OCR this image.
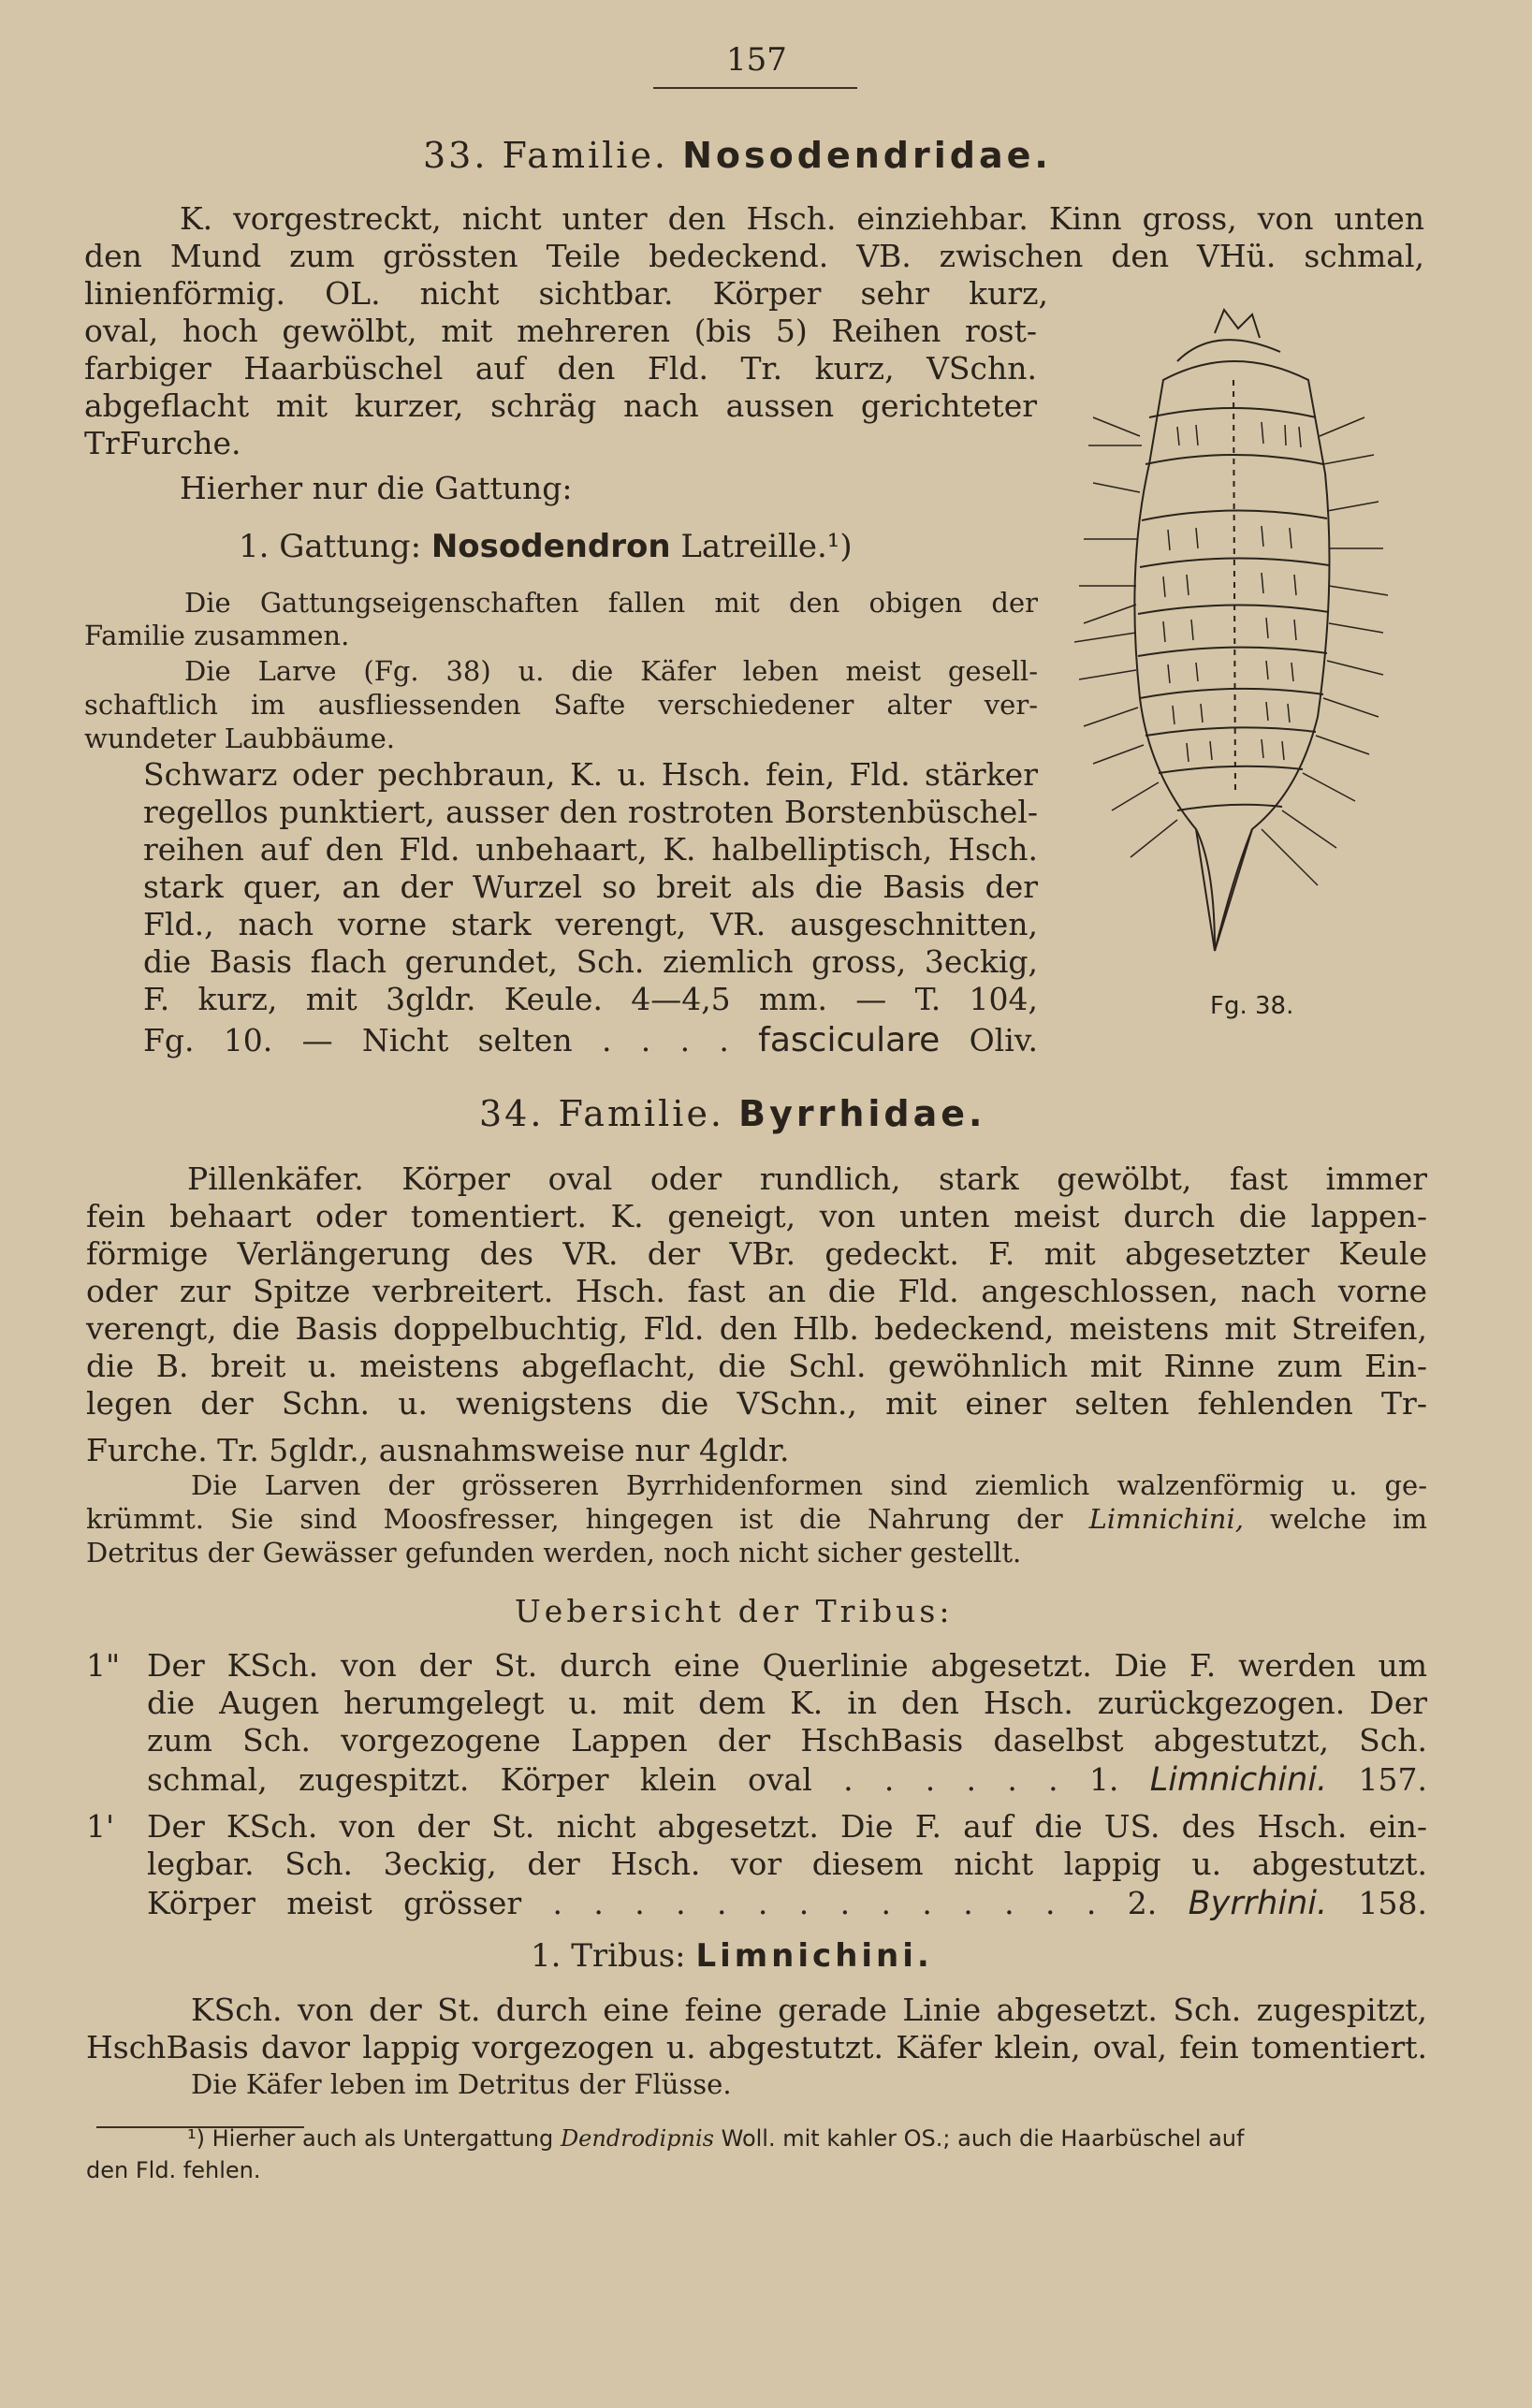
157
33. Familie. Nosodendridae.
K. vorgestreckt, nicht unter den Hsch. einziehbar. Kinn gross, von unten
den Mund zum grössten Teile bedeckend. VB. zwischen den VHü. schmal,
linienförmig. OL. nicht sichtbar. Körper sehr kurz,
oval, hoch gewölbt, mit mehreren (bis 5) Reihen rost-
farbiger Haarbüschel auf den Fld. Tr. kurz, VSchn.
abgeflacht mit kurzer, schräg nach aussen gerichteter
TrFurche.
Hierher nur die Gattung:
1. Gattung: Nosodendron Latreille.¹)
Die Gattungseigenschaften fallen mit den obigen der
Familie zusammen.
Die Larve (Fg. 38) u. die Käfer leben meist gesell-
schaftlich im ausfliessenden Safte verschiedener alter ver-
wundeter Laubbäume.
Schwarz oder pechbraun, K. u. Hsch. fein, Fld. stärker
regellos punktiert, ausser den rostroten Borstenbüschel-
reihen auf den Fld. unbehaart, K. halbelliptisch, Hsch.
stark quer, an der Wurzel so breit als die Basis der
Fld., nach vorne stark verengt, VR. ausgeschnitten,
die Basis flach gerundet, Sch. ziemlich gross, 3eckig,
F. kurz, mit 3gldr. Keule. 4—4,5 mm. — T. 104,
Fg. 10. — Nicht selten . . . . fasciculare Oliv.
Fg. 38.
34. Familie. Byrrhidae.
Pillenkäfer. Körper oval oder rundlich, stark gewölbt, fast immer
fein behaart oder tomentiert. K. geneigt, von unten meist durch die lappen-
förmige Verlängerung des VR. der VBr. gedeckt. F. mit abgesetzter Keule
oder zur Spitze verbreitert. Hsch. fast an die Fld. angeschlossen, nach vorne
verengt, die Basis doppelbuchtig, Fld. den Hlb. bedeckend, meistens mit Streifen,
die B. breit u. meistens abgeflacht, die Schl. gewöhnlich mit Rinne zum Ein-
legen der Schn. u. wenigstens die VSchn., mit einer selten fehlenden Tr-
Furche. Tr. 5gldr., ausnahmsweise nur 4gldr.
Die Larven der grösseren Byrrhidenformen sind ziemlich walzenförmig u. ge-
krümmt. Sie sind Moosfresser, hingegen ist die Nahrung der Limnichini, welche im
Detritus der Gewässer gefunden werden, noch nicht sicher gestellt.
Uebersicht der Tribus:
1" Der KSch. von der St. durch eine Querlinie abgesetzt. Die F. werden um
die Augen herumgelegt u. mit dem K. in den Hsch. zurückgezogen. Der
zum Sch. vorgezogene Lappen der HschBasis daselbst abgestutzt, Sch.
schmal, zugespitzt. Körper klein oval . . . . . . 1. Limnichini. 157.
1' Der KSch. von der St. nicht abgesetzt. Die F. auf die US. des Hsch. ein-
legbar. Sch. 3eckig, der Hsch. vor diesem nicht lappig u. abgestutzt.
Körper meist grösser . . . . . . . . . . . . . . 2. Byrrhini. 158.
1. Tribus: Limnichini.
KSch. von der St. durch eine feine gerade Linie abgesetzt. Sch. zugespitzt,
HschBasis davor lappig vorgezogen u. abgestutzt. Käfer klein, oval, fein tomentiert.
Die Käfer leben im Detritus der Flüsse.
¹) Hierher auch als Untergattung Dendrodipnis Woll. mit kahler OS.; auch die Haarbüschel auf
den Fld. fehlen.
